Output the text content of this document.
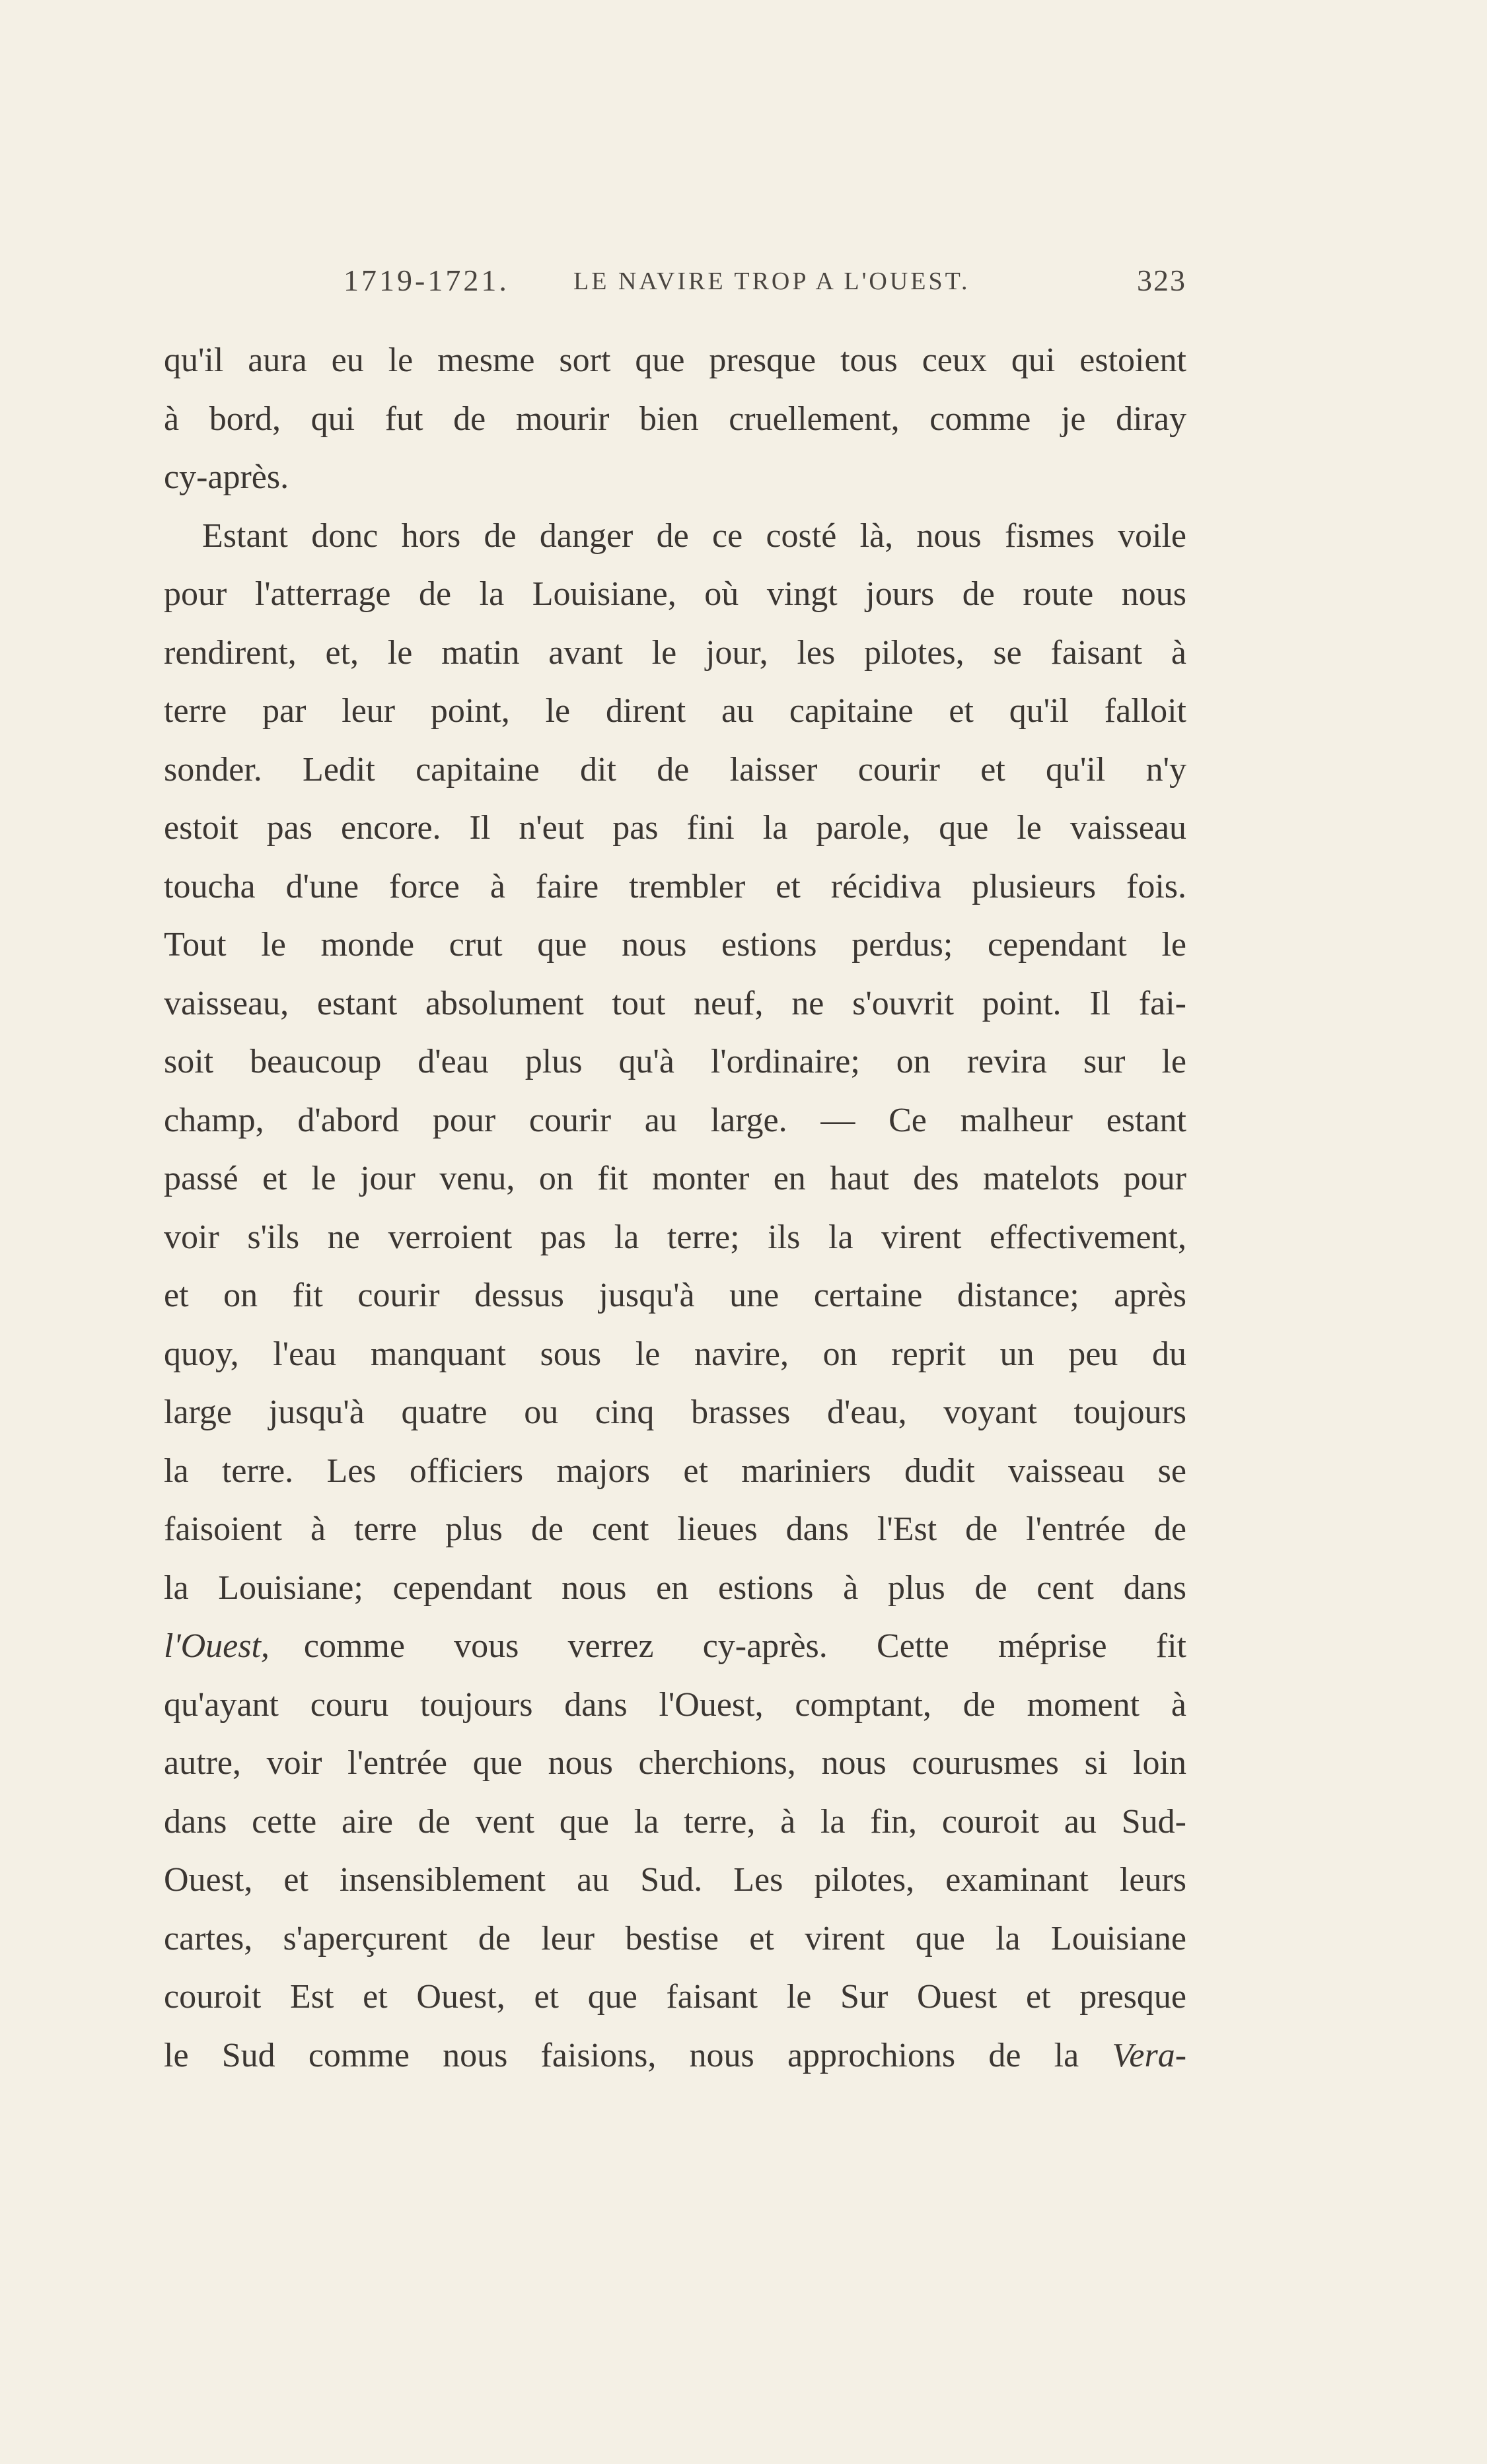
1719-1721.	LE NAVIRE TROP A L'OUEST.	323
qu'il aura eu le mesme sort que presque tous ceux qui estoient
à bord, qui fut de mourir bien cruellement, comme je diray
cy-après.
Estant donc hors de danger de ce costé là, nous fismes voile
pour l'atterrage de la Louisiane, où vingt jours de route nous
rendirent, et, le matin avant le jour, les pilotes, se faisant à
terre par leur point, le dirent au capitaine et qu'il falloit
sonder. Ledit capitaine dit de laisser courir et qu'il n'y
estoit pas encore. Il n'eut pas fini la parole, que le vaisseau
toucha d'une force à faire trembler et récidiva plusieurs fois.
Tout le monde crut que nous estions perdus; cependant le
vaisseau, estant absolument tout neuf, ne s'ouvrit point. Il fai-
soit beaucoup d'eau plus qu'à l'ordinaire; on revira sur le
champ, d'abord pour courir au large. — Ce malheur estant
passé et le jour venu, on fit monter en haut des matelots pour
voir s'ils ne verroient pas la terre; ils la virent effectivement,
et on fit courir dessus jusqu'à une certaine distance; après
quoy, l'eau manquant sous le navire, on reprit un peu du
large jusqu'à quatre ou cinq brasses d'eau, voyant toujours
la terre. Les officiers majors et mariniers dudit vaisseau se
faisoient à terre plus de cent lieues dans l'Est de l'entrée de
la Louisiane; cependant nous en estions à plus de cent dans
l'Ouest,  comme vous verrez cy-après. Cette méprise fit
qu'ayant couru toujours dans l'Ouest, comptant, de moment à
autre, voir l'entrée que nous cherchions, nous courusmes si loin
dans cette aire de vent que la terre, à la fin, couroit au Sud-
Ouest, et insensiblement au Sud. Les pilotes, examinant leurs
cartes, s'aperçurent de leur bestise et virent que la Louisiane
couroit Est et Ouest, et que faisant le Sur Ouest et presque
le Sud comme nous faisions, nous approchions de la Vera-
